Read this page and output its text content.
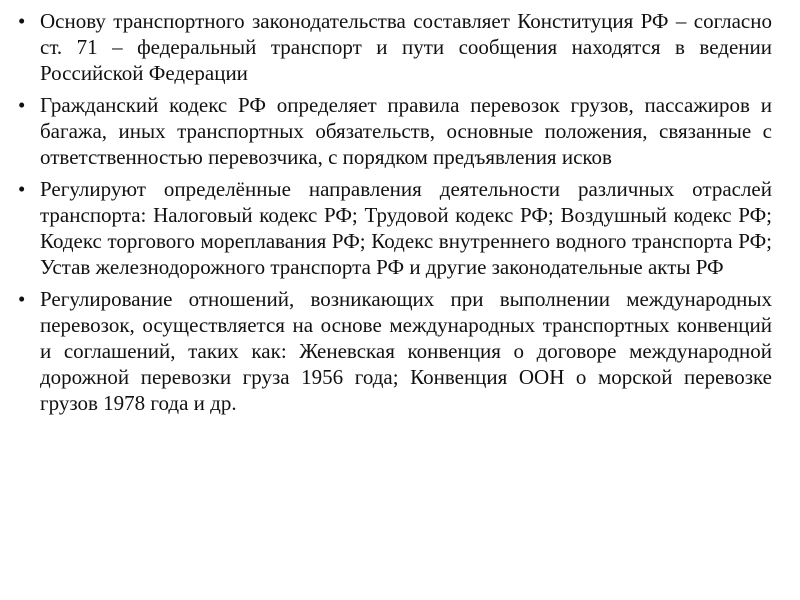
• Основу транспортного законодательства составляет Конституция РФ – согласно ст. 71 – федеральный транспорт и пути сообщения находятся в ведении Российской Федерации
• Гражданский кодекс РФ определяет правила перевозок грузов, пассажиров и багажа, иных транспортных обязательств, основные положения, связанные с ответственностью перевозчика, с порядком предъявления исков
• Регулируют определённые направления деятельности различных отраслей транспорта: Налоговый кодекс РФ; Трудовой кодекс РФ; Воздушный кодекс РФ; Кодекс торгового мореплавания РФ; Кодекс внутреннего водного транспорта РФ; Устав железнодорожного транспорта РФ и другие законодательные акты РФ
• Регулирование отношений, возникающих при выполнении международных перевозок, осуществляется на основе международных транспортных конвенций и соглашений, таких как: Женевская конвенция о договоре международной дорожной перевозки груза 1956 года; Конвенция ООН о морской перевозке грузов 1978 года и др.
